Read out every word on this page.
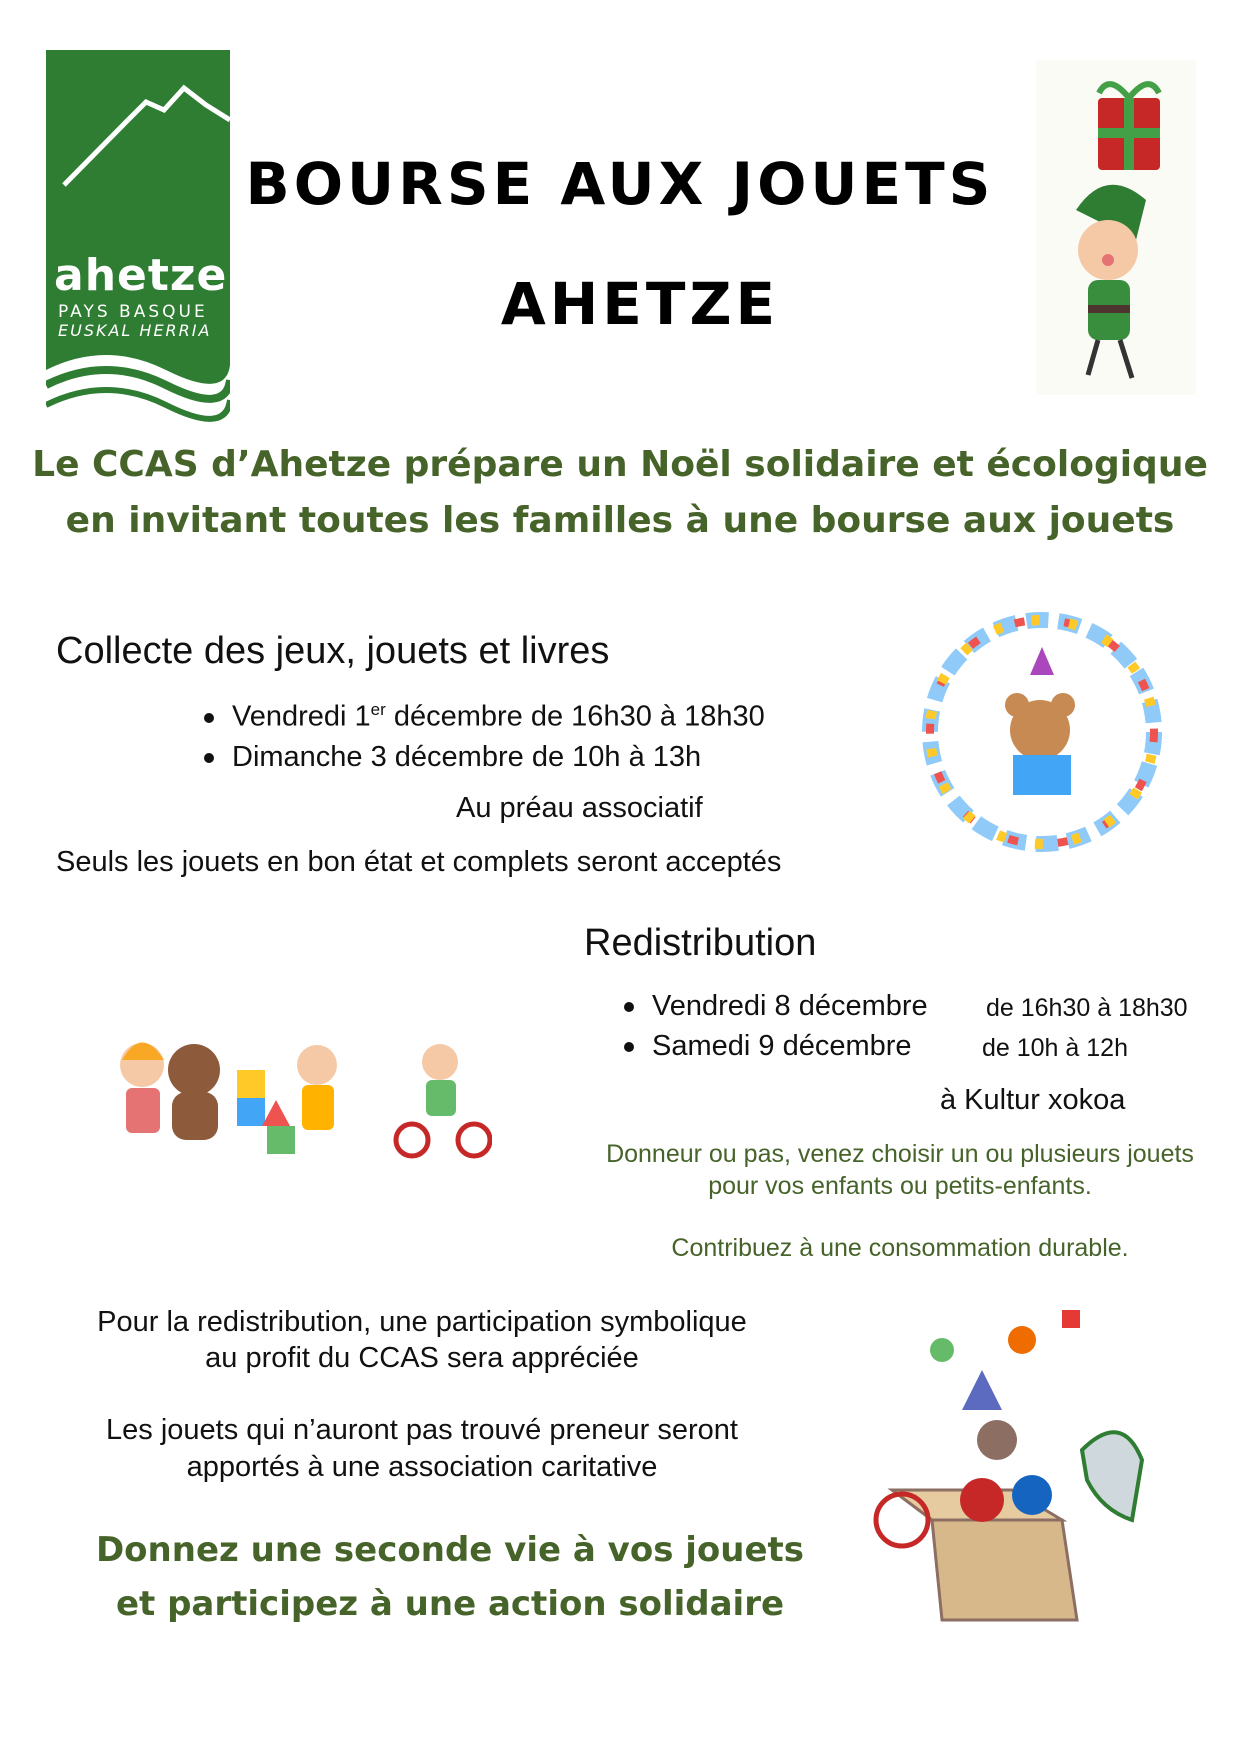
ahetze
PAYS BASQUE
EUSKAL HERRIA
BOURSE AUX JOUETS
AHETZE
Le CCAS d’Ahetze prépare un Noël solidaire et écologique
en invitant toutes les familles à une bourse aux jouets
Collecte des jeux, jouets et livres
Vendredi 1er décembre de 16h30 à 18h30
Dimanche 3 décembre de 10h à 13h
Au préau associatif
Seuls les jouets en bon état et complets seront acceptés
Redistribution
Vendredi 8 décembre de 16h30 à 18h30
Samedi 9 décembre	de 10h à 12h
à Kultur xokoa
Donneur ou pas, venez choisir un ou plusieurs jouets
pour vos enfants ou petits-enfants.
Contribuez à une consommation durable.
Pour la redistribution, une participation symbolique
au profit du CCAS sera appréciée
Les jouets qui n’auront pas trouvé preneur seront
apportés à une association caritative
Donnez une seconde vie à vos jouets
et participez à une action solidaire
